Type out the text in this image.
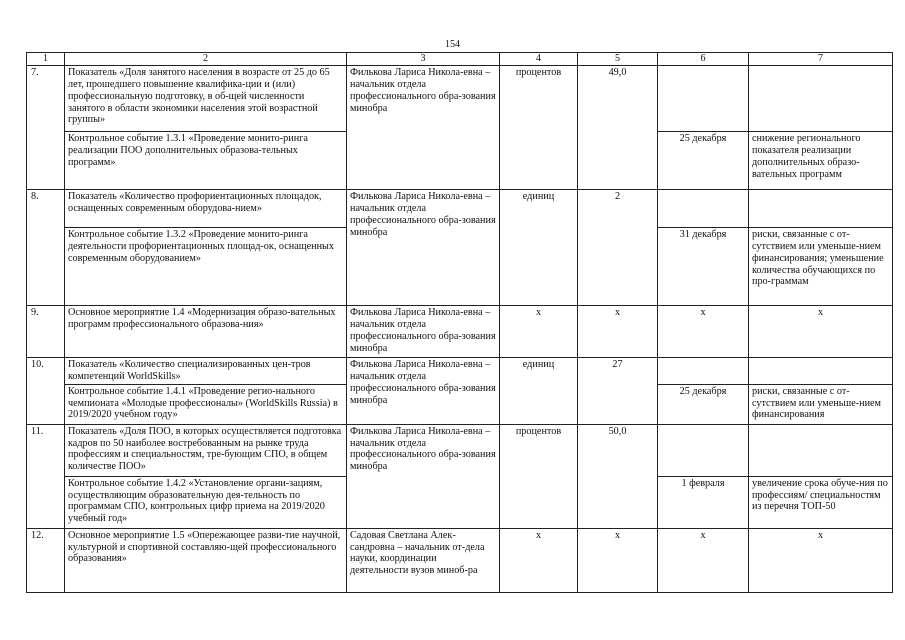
154
1	2	3	4	5	6	7
7.	Показатель «Доля занятого населения в возрасте от 25 до 65 лет, прошедшего повышение квалифика-ции и (или) профессиональную подготовку, в об-щей численности занятого в области экономики населения этой возрастной группы»	Филькова Лариса Никола-евна – начальник отдела профессионального обра-зования минобра	процентов	49,0		
	Контрольное событие 1.3.1 «Проведение монито-ринга реализации ПОО дополнительных образова-тельных программ»				25 декабря	снижение регионального показателя реализации дополнительных образо-вательных программ
8.	Показатель «Количество профориентационных площадок, оснащенных современным оборудова-нием»	Филькова Лариса Никола-евна – начальник отдела профессионального обра-зования минобра	единиц	2		
	Контрольное событие 1.3.2 «Проведение монито-ринга деятельности профориентационных площад-ок, оснащенных современным оборудованием»				31 декабря	риски, связанные с от-сутствием или уменьше-нием финансирования; уменьшение количества обучающихся по про-граммам
9.	Основное мероприятие 1.4 «Модернизация образо-вательных программ профессионального образова-ния»	Филькова Лариса Никола-евна – начальник отдела профессионального обра-зования минобра	х	х	х	х
10.	Показатель «Количество специализированных цен-тров компетенций WorldSkills»	Филькова Лариса Никола-евна – начальник отдела профессионального обра-зования минобра	единиц	27		
	Контрольное событие 1.4.1 «Проведение регио-нального чемпионата «Молодые профессионалы» (WorldSkills Russia) в 2019/2020 учебном году»				25 декабря	риски, связанные с от-сутствием или уменьше-нием финансирования
11.	Показатель «Доля ПОО, в которых осуществляется подготовка кадров по 50 наиболее востребованным на рынке труда профессиям и специальностям, тре-бующим СПО, в общем количестве ПОО»	Филькова Лариса Никола-евна – начальник отдела профессионального обра-зования минобра	процентов	50,0		
	Контрольное событие 1.4.2 «Установление органи-зациям, осуществляющим образовательную дея-тельность по программам СПО, контрольных цифр приема на 2019/2020 учебный год»				1 февраля	увеличение срока обуче-ния по профессиям/ специальностям из перечня ТОП-50
12.	Основное мероприятие 1.5 «Опережающее разви-тие научной, культурной и спортивной составляю-щей профессионального образования»	Садовая Светлана Алек-сандровна – начальник от-дела науки, координации деятельности вузов миноб-ра	х	х	х	х
